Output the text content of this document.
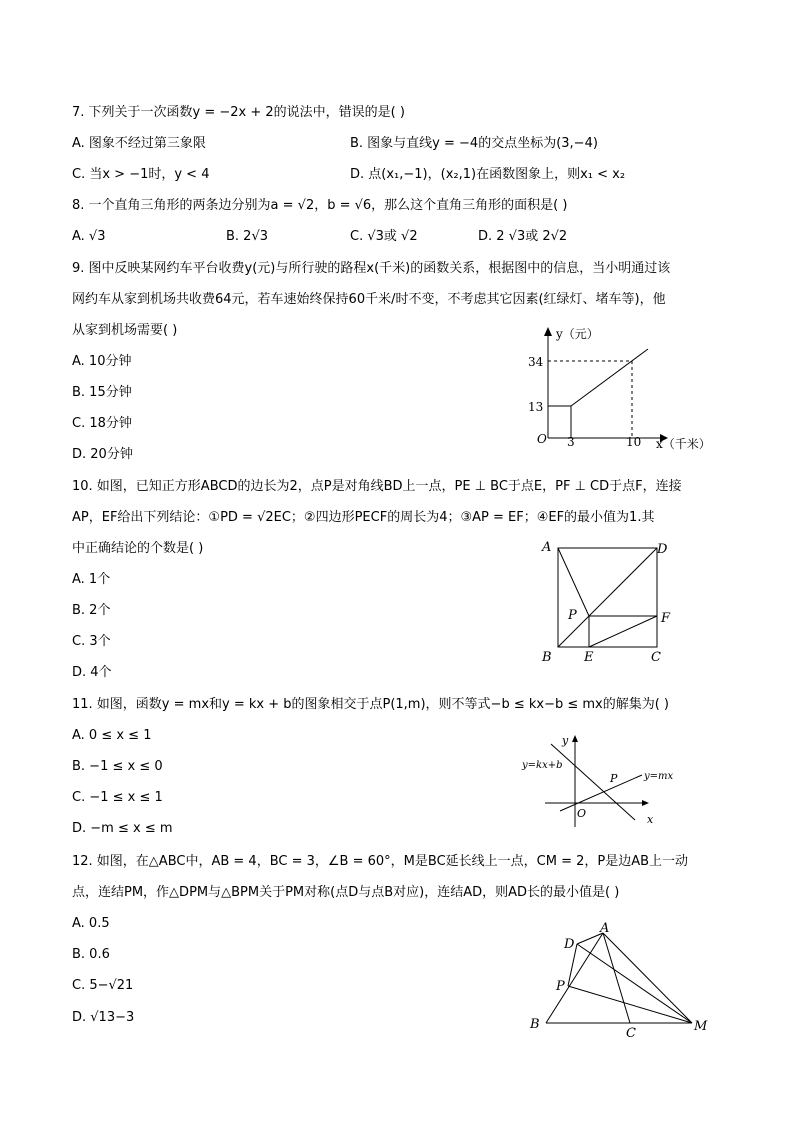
7. 下列关于一次函数y = −2x + 2的说法中，错误的是( )
A. 图象不经过第三象限	B. 图象与直线y = −4的交点坐标为(3,−4)
C. 当x > −1时，y < 4	D. 点(x₁,−1)，(x₂,1)在函数图象上，则x₁ < x₂
8. 一个直角三角形的两条边分别为a = √2，b = √6，那么这个直角三角形的面积是( )
A. √3	B. 2√3	C. √3或 √2	D. 2 √3或 2√2
9. 图中反映某网约车平台收费y(元)与所行驶的路程x(千米)的函数关系，根据图中的信息，当小明通过该
网约车从家到机场共收费64元，若车速始终保持60千米/时不变，不考虑其它因素(红绿灯、堵车等)，他
从家到机场需要( )
A. 10分钟
B. 15分钟
C. 18分钟
D. 20分钟
y（元）
x（千米）
O
34
13
3	10
10. 如图，已知正方形ABCD的边长为2，点P是对角线BD上一点，PE ⊥ BC于点E，PF ⊥ CD于点F，连接
AP，EF给出下列结论：①PD = √2EC；②四边形PECF的周长为4；③AP = EF；④EF的最小值为1.其
中正确结论的个数是( )
A. 1个
B. 2个
C. 3个
D. 4个
A	D
B	C
E
F
P
11. 如图，函数y = mx和y = kx + b的图象相交于点P(1,m)，则不等式−b ≤ kx−b ≤ mx的解集为( )
A. 0 ≤ x ≤ 1
B. −1 ≤ x ≤ 0
C. −1 ≤ x ≤ 1
D. −m ≤ x ≤ m
y
x
O
P
y=kx+b
y=mx
12. 如图，在△ABC中，AB = 4，BC = 3，∠B = 60°，M是BC延长线上一点，CM = 2，P是边AB上一动
点，连结PM，作△DPM与△BPM关于PM对称(点D与点B对应)，连结AD，则AD长的最小值是( )
A. 0.5
B. 0.6
C. 5−√21
D. √13−3
A
D
P
B
C	M
